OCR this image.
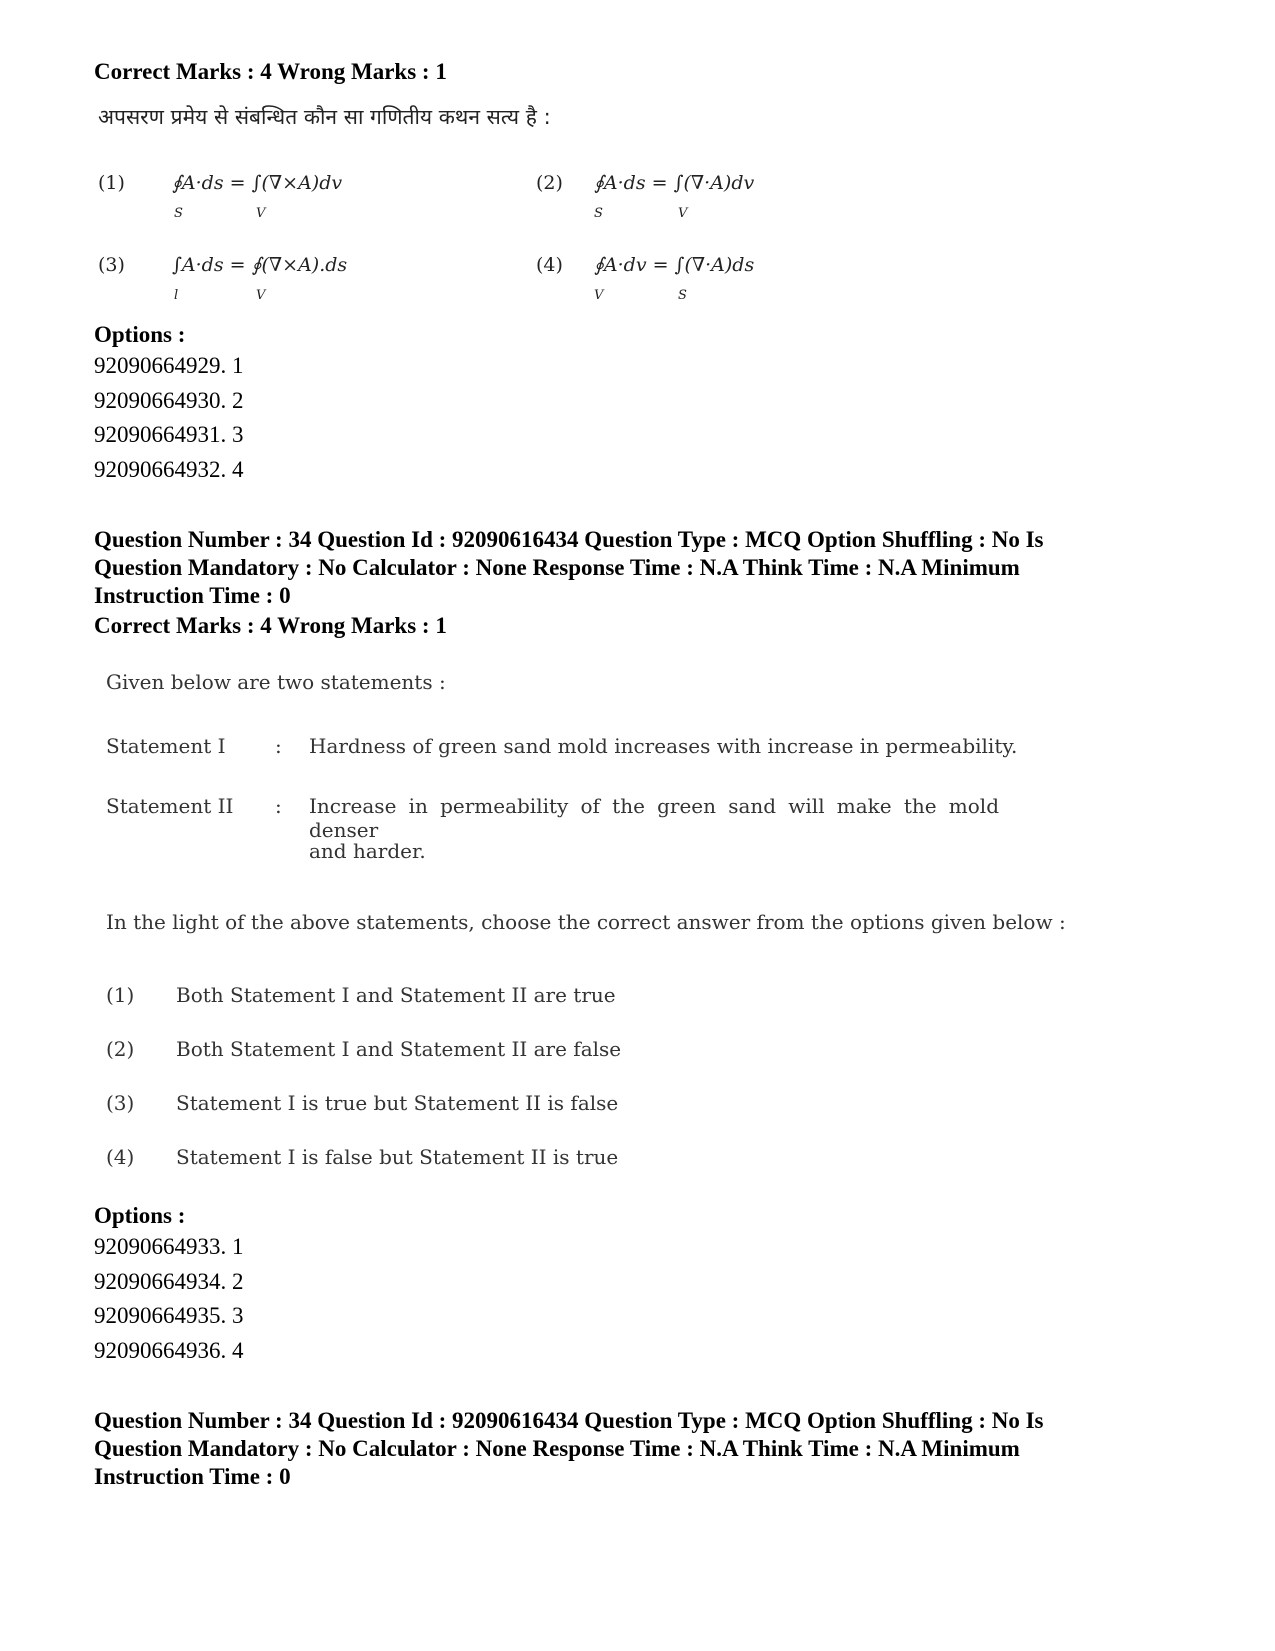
Correct Marks : 4 Wrong Marks : 1
अपसरण प्रमेय से संबन्धित कौन सा गणितीय कथन सत्य है :
(1) ∮A·ds = ∫(∇×A)dv
S	V
(2) ∮A·ds = ∫(∇·A)dv
S	V
(3) ∫A·ds = ∮(∇×A).ds
l	V
(4) ∮A·dv = ∫(∇·A)ds
V	S
Options :
92090664929. 1
92090664930. 2
92090664931. 3
92090664932. 4
Question Number : 34 Question Id : 92090616434 Question Type : MCQ Option Shuffling : No Is
Question Mandatory : No Calculator : None Response Time : N.A Think Time : N.A Minimum
Instruction Time : 0
Correct Marks : 4 Wrong Marks : 1
Given below are two statements :
Statement I : Hardness of green sand mold increases with increase in permeability.
Statement II : Increase in permeability of the green sand will make the mold denser
and harder.
In the light of the above statements, choose the correct answer from the options given below :
(1) Both Statement I and Statement II are true
(2) Both Statement I and Statement II are false
(3) Statement I is true but Statement II is false
(4) Statement I is false but Statement II is true
Options :
92090664933. 1
92090664934. 2
92090664935. 3
92090664936. 4
Question Number : 34 Question Id : 92090616434 Question Type : MCQ Option Shuffling : No Is
Question Mandatory : No Calculator : None Response Time : N.A Think Time : N.A Minimum
Instruction Time : 0
